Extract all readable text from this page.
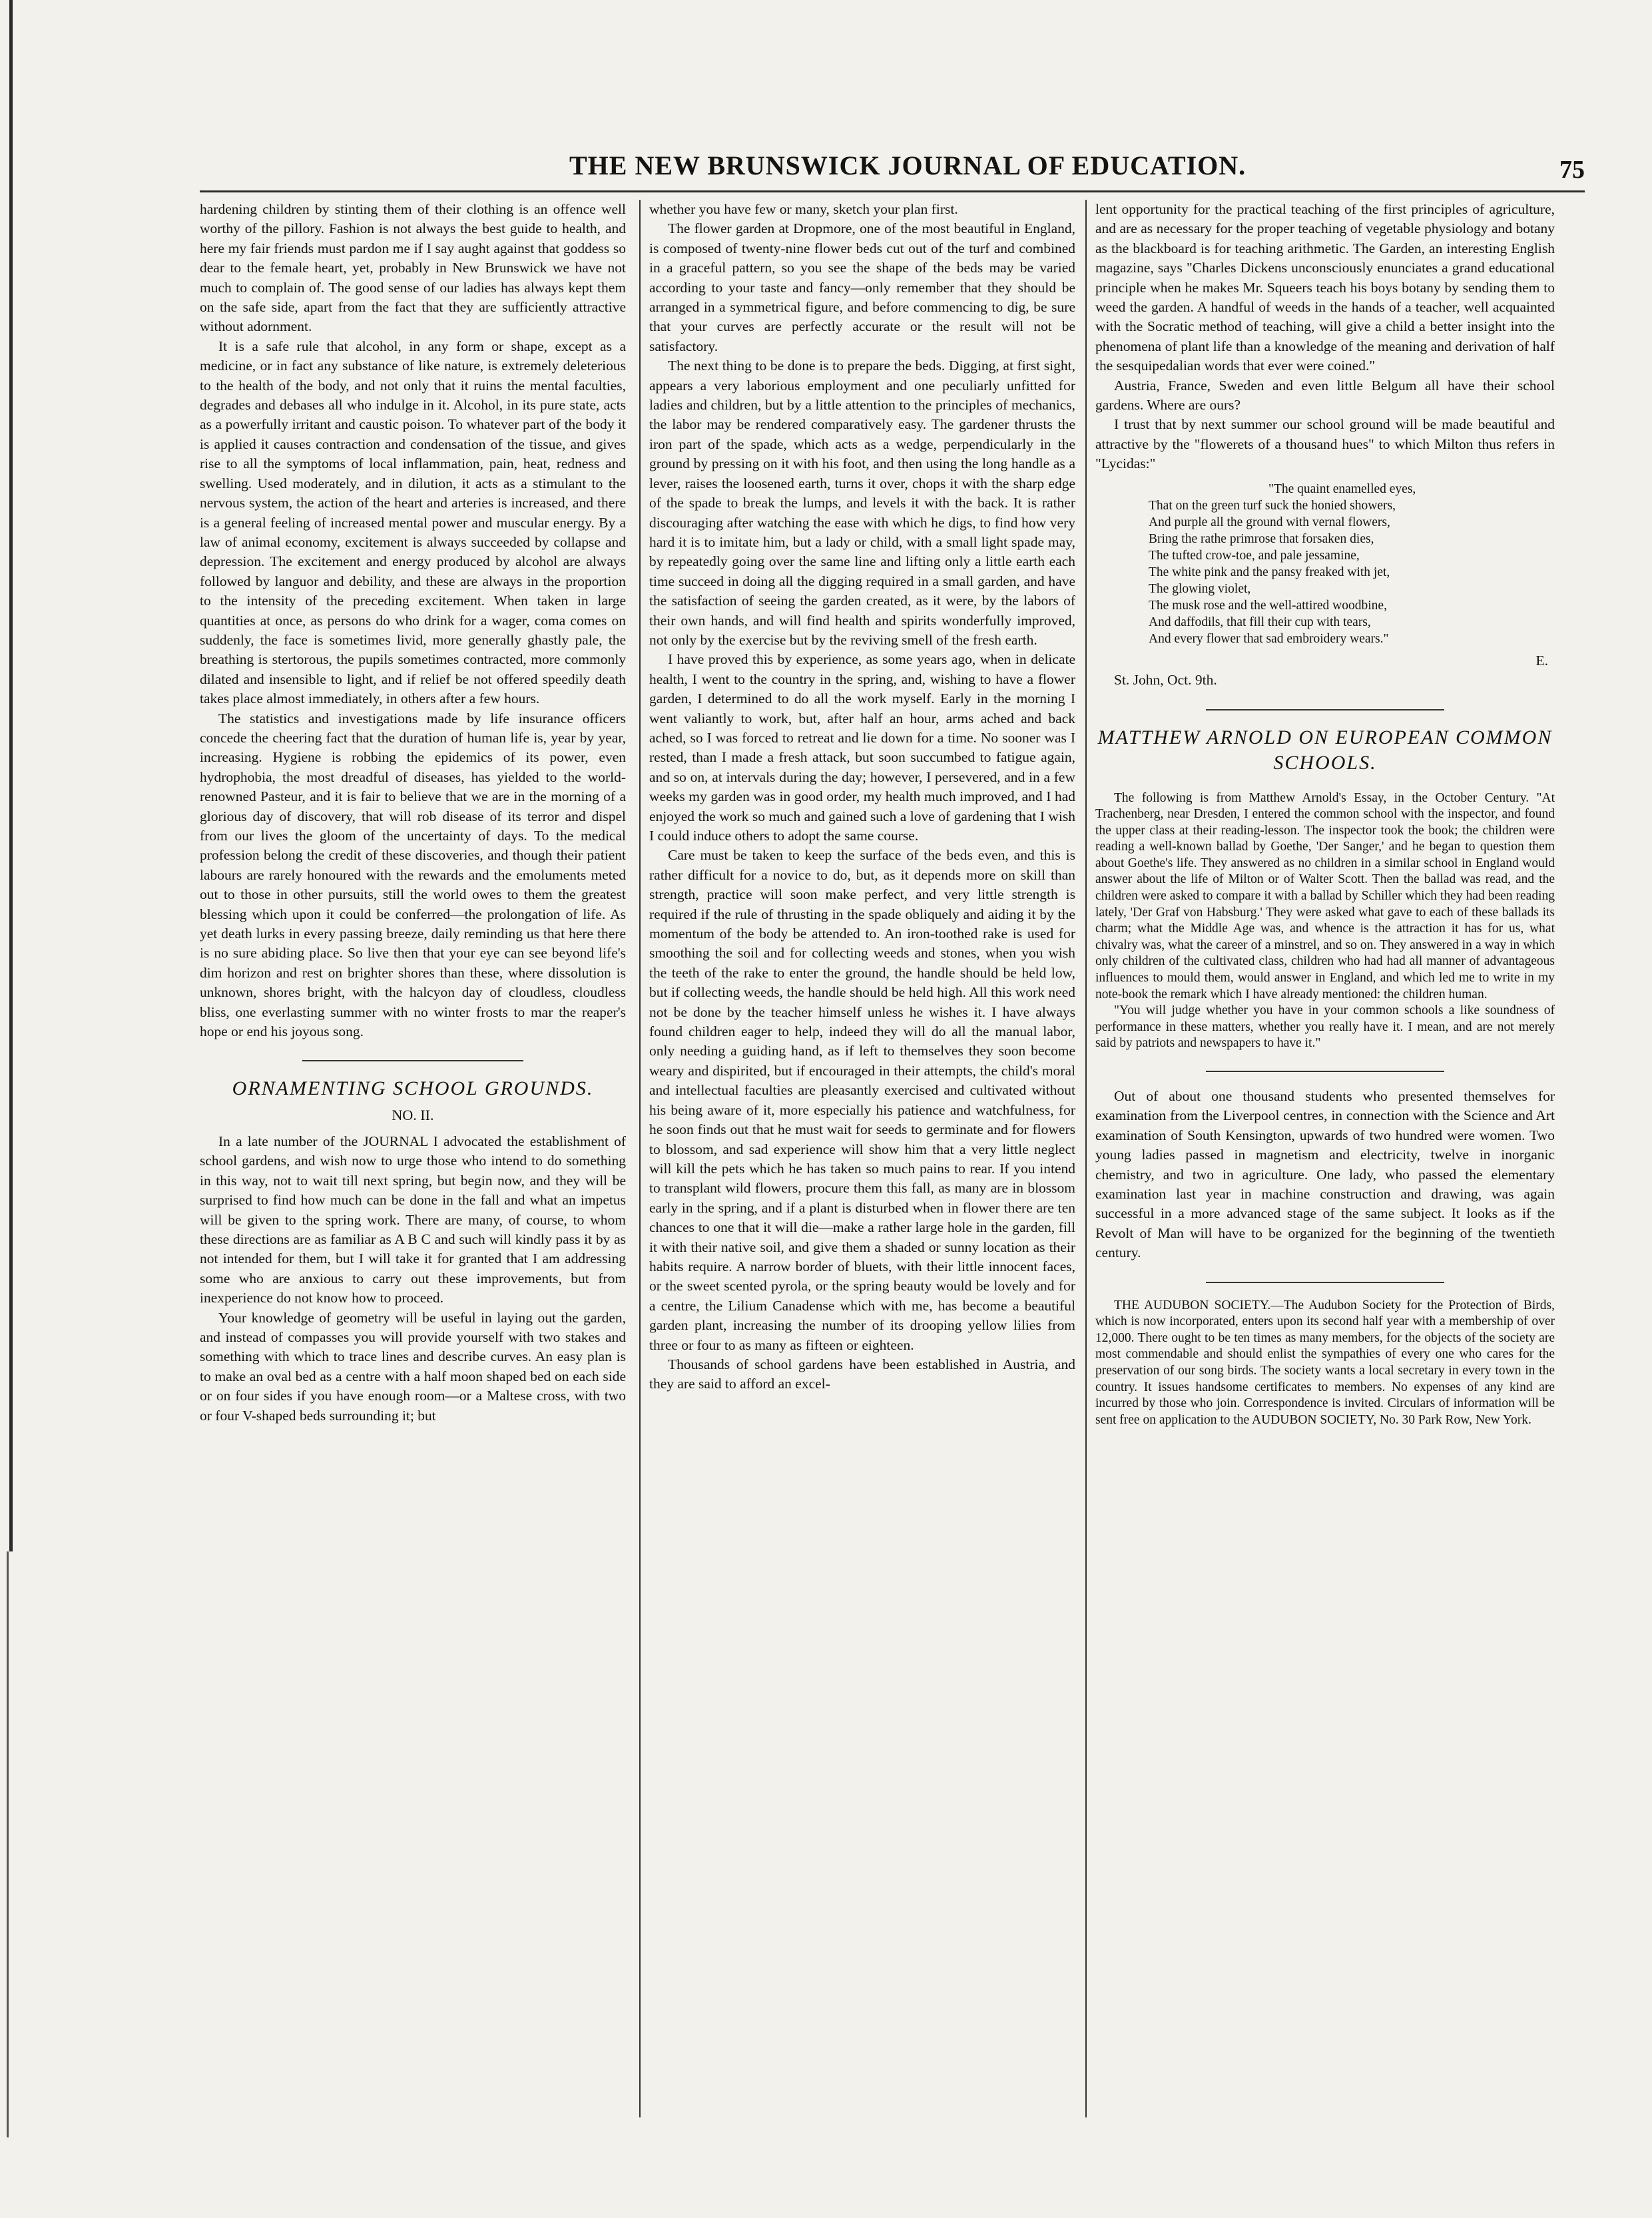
THE NEW BRUNSWICK JOURNAL OF EDUCATION.	75

hardening children by stinting them of their clothing is an offence well worthy of the pillory. Fashion is not always the best guide to health, and here my fair friends must pardon me if I say aught against that goddess so dear to the female heart, yet, probably in New Brunswick we have not much to complain of. The good sense of our ladies has always kept them on the safe side, apart from the fact that they are sufficiently attractive without adornment.

It is a safe rule that alcohol, in any form or shape, except as a medicine, or in fact any substance of like nature, is extremely deleterious to the health of the body, and not only that it ruins the mental faculties, degrades and debases all who indulge in it. Alcohol, in its pure state, acts as a powerfully irritant and caustic poison. To whatever part of the body it is applied it causes contraction and condensation of the tissue, and gives rise to all the symptoms of local inflammation, pain, heat, redness and swelling. Used moderately, and in dilution, it acts as a stimulant to the nervous system, the action of the heart and arteries is increased, and there is a general feeling of increased mental power and muscular energy. By a law of animal economy, excitement is always succeeded by collapse and depression. The excitement and energy produced by alcohol are always followed by languor and debility, and these are always in the proportion to the intensity of the preceding excitement. When taken in large quantities at once, as persons do who drink for a wager, coma comes on suddenly, the face is sometimes livid, more generally ghastly pale, the breathing is stertorous, the pupils sometimes contracted, more commonly dilated and insensible to light, and if relief be not offered speedily death takes place almost immediately, in others after a few hours.

The statistics and investigations made by life insurance officers concede the cheering fact that the duration of human life is, year by year, increasing. Hygiene is robbing the epidemics of its power, even hydrophobia, the most dreadful of diseases, has yielded to the world-renowned Pasteur, and it is fair to believe that we are in the morning of a glorious day of discovery, that will rob disease of its terror and dispel from our lives the gloom of the uncertainty of days. To the medical profession belong the credit of these discoveries, and though their patient labours are rarely honoured with the rewards and the emoluments meted out to those in other pursuits, still the world owes to them the greatest blessing which upon it could be conferred—the prolongation of life. As yet death lurks in every passing breeze, daily reminding us that here there is no sure abiding place. So live then that your eye can see beyond life's dim horizon and rest on brighter shores than these, where dissolution is unknown, shores bright, with the halcyon day of cloudless, cloudless bliss, one everlasting summer with no winter frosts to mar the reaper's hope or end his joyous song.

ORNAMENTING SCHOOL GROUNDS.
NO. II.

In a late number of the JOURNAL I advocated the establishment of school gardens, and wish now to urge those who intend to do something in this way, not to wait till next spring, but begin now, and they will be surprised to find how much can be done in the fall and what an impetus will be given to the spring work. There are many, of course, to whom these directions are as familiar as A B C and such will kindly pass it by as not intended for them, but I will take it for granted that I am addressing some who are anxious to carry out these improvements, but from inexperience do not know how to proceed.

Your knowledge of geometry will be useful in laying out the garden, and instead of compasses you will provide yourself with two stakes and something with which to trace lines and describe curves. An easy plan is to make an oval bed as a centre with a half moon shaped bed on each side or on four sides if you have enough room—or a Maltese cross, with two or four V-shaped beds surrounding it; but

whether you have few or many, sketch your plan first.

The flower garden at Dropmore, one of the most beautiful in England, is composed of twenty-nine flower beds cut out of the turf and combined in a graceful pattern, so you see the shape of the beds may be varied according to your taste and fancy—only remember that they should be arranged in a symmetrical figure, and before commencing to dig, be sure that your curves are perfectly accurate or the result will not be satisfactory.

The next thing to be done is to prepare the beds. Digging, at first sight, appears a very laborious employment and one peculiarly unfitted for ladies and children, but by a little attention to the principles of mechanics, the labor may be rendered comparatively easy. The gardener thrusts the iron part of the spade, which acts as a wedge, perpendicularly in the ground by pressing on it with his foot, and then using the long handle as a lever, raises the loosened earth, turns it over, chops it with the sharp edge of the spade to break the lumps, and levels it with the back. It is rather discouraging after watching the ease with which he digs, to find how very hard it is to imitate him, but a lady or child, with a small light spade may, by repeatedly going over the same line and lifting only a little earth each time succeed in doing all the digging required in a small garden, and have the satisfaction of seeing the garden created, as it were, by the labors of their own hands, and will find health and spirits wonderfully improved, not only by the exercise but by the reviving smell of the fresh earth.

I have proved this by experience, as some years ago, when in delicate health, I went to the country in the spring, and, wishing to have a flower garden, I determined to do all the work myself. Early in the morning I went valiantly to work, but, after half an hour, arms ached and back ached, so I was forced to retreat and lie down for a time. No sooner was I rested, than I made a fresh attack, but soon succumbed to fatigue again, and so on, at intervals during the day; however, I persevered, and in a few weeks my garden was in good order, my health much improved, and I had enjoyed the work so much and gained such a love of gardening that I wish I could induce others to adopt the same course.

Care must be taken to keep the surface of the beds even, and this is rather difficult for a novice to do, but, as it depends more on skill than strength, practice will soon make perfect, and very little strength is required if the rule of thrusting in the spade obliquely and aiding it by the momentum of the body be attended to. An iron-toothed rake is used for smoothing the soil and for collecting weeds and stones, when you wish the teeth of the rake to enter the ground, the handle should be held low, but if collecting weeds, the handle should be held high. All this work need not be done by the teacher himself unless he wishes it. I have always found children eager to help, indeed they will do all the manual labor, only needing a guiding hand, as if left to themselves they soon become weary and dispirited, but if encouraged in their attempts, the child's moral and intellectual faculties are pleasantly exercised and cultivated without his being aware of it, more especially his patience and watchfulness, for he soon finds out that he must wait for seeds to germinate and for flowers to blossom, and sad experience will show him that a very little neglect will kill the pets which he has taken so much pains to rear. If you intend to transplant wild flowers, procure them this fall, as many are in blossom early in the spring, and if a plant is disturbed when in flower there are ten chances to one that it will die—make a rather large hole in the garden, fill it with their native soil, and give them a shaded or sunny location as their habits require. A narrow border of bluets, with their little innocent faces, or the sweet scented pyrola, or the spring beauty would be lovely and for a centre, the Lilium Canadense which with me, has become a beautiful garden plant, increasing the number of its drooping yellow lilies from three or four to as many as fifteen or eighteen.

Thousands of school gardens have been established in Austria, and they are said to afford an excel-

lent opportunity for the practical teaching of the first principles of agriculture, and are as necessary for the proper teaching of vegetable physiology and botany as the blackboard is for teaching arithmetic. The Garden, an interesting English magazine, says "Charles Dickens unconsciously enunciates a grand educational principle when he makes Mr. Squeers teach his boys botany by sending them to weed the garden. A handful of weeds in the hands of a teacher, well acquainted with the Socratic method of teaching, will give a child a better insight into the phenomena of plant life than a knowledge of the meaning and derivation of half the sesquipedalian words that ever were coined."

Austria, France, Sweden and even little Belgum all have their school gardens. Where are ours?

I trust that by next summer our school ground will be made beautiful and attractive by the "flowerets of a thousand hues" to which Milton thus refers in "Lycidas:"

"The quaint enamelled eyes,
That on the green turf suck the honied showers,
And purple all the ground with vernal flowers,
Bring the rathe primrose that forsaken dies,
The tufted crow-toe, and pale jessamine,
The white pink and the pansy freaked with jet,
The glowing violet,
The musk rose and the well-attired woodbine,
And daffodils, that fill their cup with tears,
And every flower that sad embroidery wears."
E.

St. John, Oct. 9th.

MATTHEW ARNOLD ON EUROPEAN COMMON SCHOOLS.

The following is from Matthew Arnold's Essay, in the October Century. "At Trachenberg, near Dresden, I entered the common school with the inspector, and found the upper class at their reading-lesson. The inspector took the book; the children were reading a well-known ballad by Goethe, 'Der Sanger,' and he began to question them about Goethe's life. They answered as no children in a similar school in England would answer about the life of Milton or of Walter Scott. Then the ballad was read, and the children were asked to compare it with a ballad by Schiller which they had been reading lately, 'Der Graf von Habsburg.' They were asked what gave to each of these ballads its charm; what the Middle Age was, and whence is the attraction it has for us, what chivalry was, what the career of a minstrel, and so on. They answered in a way in which only children of the cultivated class, children who had had all manner of advantageous influences to mould them, would answer in England, and which led me to write in my note-book the remark which I have already mentioned: the children human.

"You will judge whether you have in your common schools a like soundness of performance in these matters, whether you really have it. I mean, and are not merely said by patriots and newspapers to have it."

Out of about one thousand students who presented themselves for examination from the Liverpool centres, in connection with the Science and Art examination of South Kensington, upwards of two hundred were women. Two young ladies passed in magnetism and electricity, twelve in inorganic chemistry, and two in agriculture. One lady, who passed the elementary examination last year in machine construction and drawing, was again successful in a more advanced stage of the same subject. It looks as if the Revolt of Man will have to be organized for the beginning of the twentieth century.

THE AUDUBON SOCIETY.—The Audubon Society for the Protection of Birds, which is now incorporated, enters upon its second half year with a membership of over 12,000. There ought to be ten times as many members, for the objects of the society are most commendable and should enlist the sympathies of every one who cares for the preservation of our song birds. The society wants a local secretary in every town in the country. It issues handsome certificates to members. No expenses of any kind are incurred by those who join. Correspondence is invited. Circulars of information will be sent free on application to the AUDUBON SOCIETY, No. 30 Park Row, New York.
